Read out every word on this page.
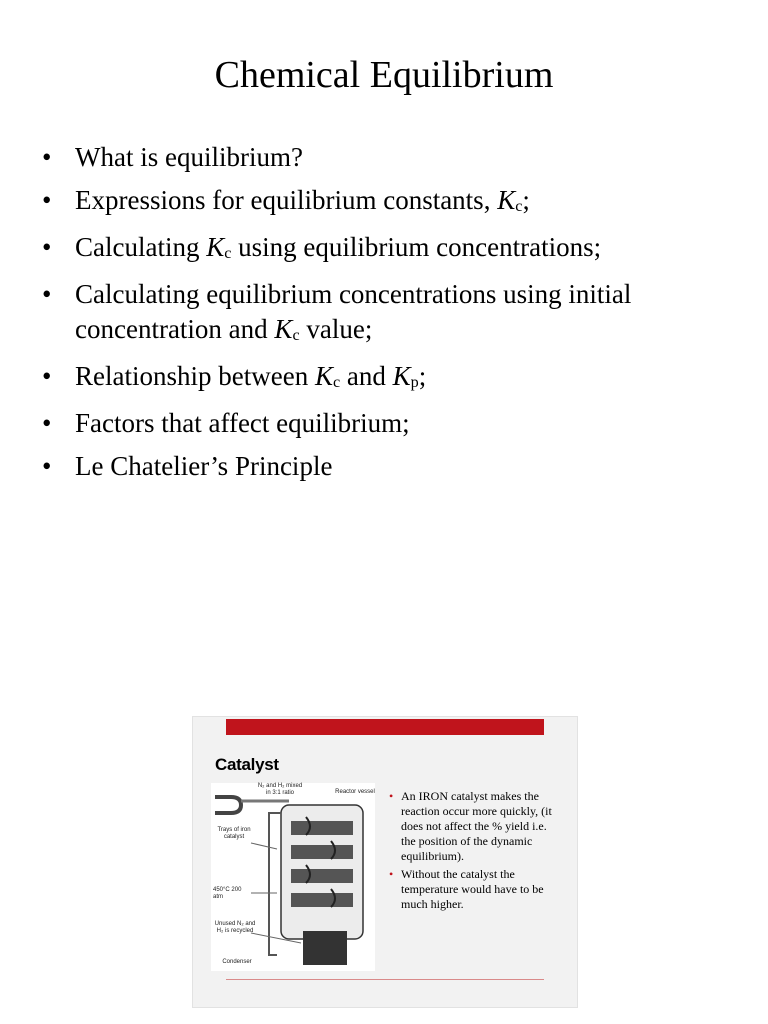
Chemical Equilibrium
• What is equilibrium?
• Expressions for equilibrium constants, $K_c$;
• Calculating $K_c$ using equilibrium concentrations;
• Calculating equilibrium concentrations using initial concentration and $K_c$ value;
• Relationship between $K_c$ and $K_p$;
• Factors that affect equilibrium;
• Le Chatelier’s Principle
Catalyst
N₂ and H₂ mixed in 3:1 ratio	Reactor vessel
Trays of iron catalyst
450°C 200 atm
Unused N₂ and H₂ is recycled
Condenser
• An IRON catalyst makes the reaction occur more quickly, (it does not affect the % yield i.e. the position of the dynamic equilibrium).
• Without the catalyst the temperature would have to be much higher.
